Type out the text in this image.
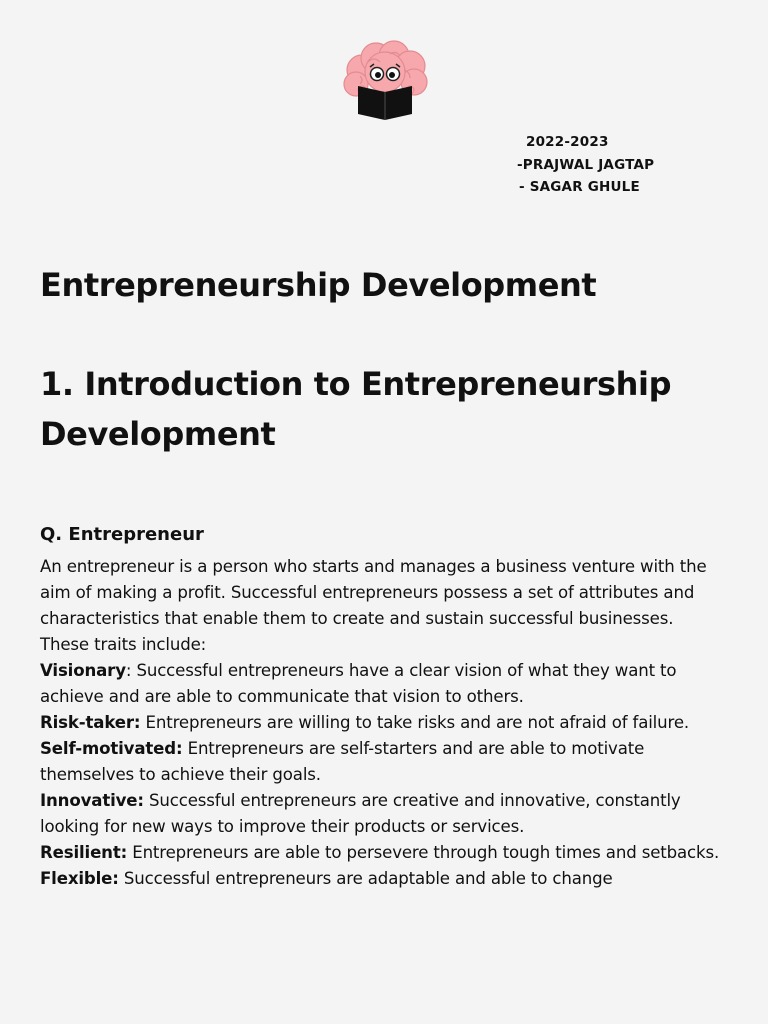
2022-2023
-PRAJWAL JAGTAP
- SAGAR GHULE
Entrepreneurship Development
1. Introduction to Entrepreneurship Development
Q. Entrepreneur

An entrepreneur is a person who starts and manages a business venture with the aim of making a profit. Successful entrepreneurs possess a set of attributes and characteristics that enable them to create and sustain successful businesses.

These traits include:

Visionary: Successful entrepreneurs have a clear vision of what they want to achieve and are able to communicate that vision to others.

Risk-taker: Entrepreneurs are willing to take risks and are not afraid of failure.

Self-motivated: Entrepreneurs are self-starters and are able to motivate themselves to achieve their goals.

Innovative: Successful entrepreneurs are creative and innovative, constantly looking for new ways to improve their products or services.

Resilient: Entrepreneurs are able to persevere through tough times and setbacks.

Flexible: Successful entrepreneurs are adaptable and able to change
